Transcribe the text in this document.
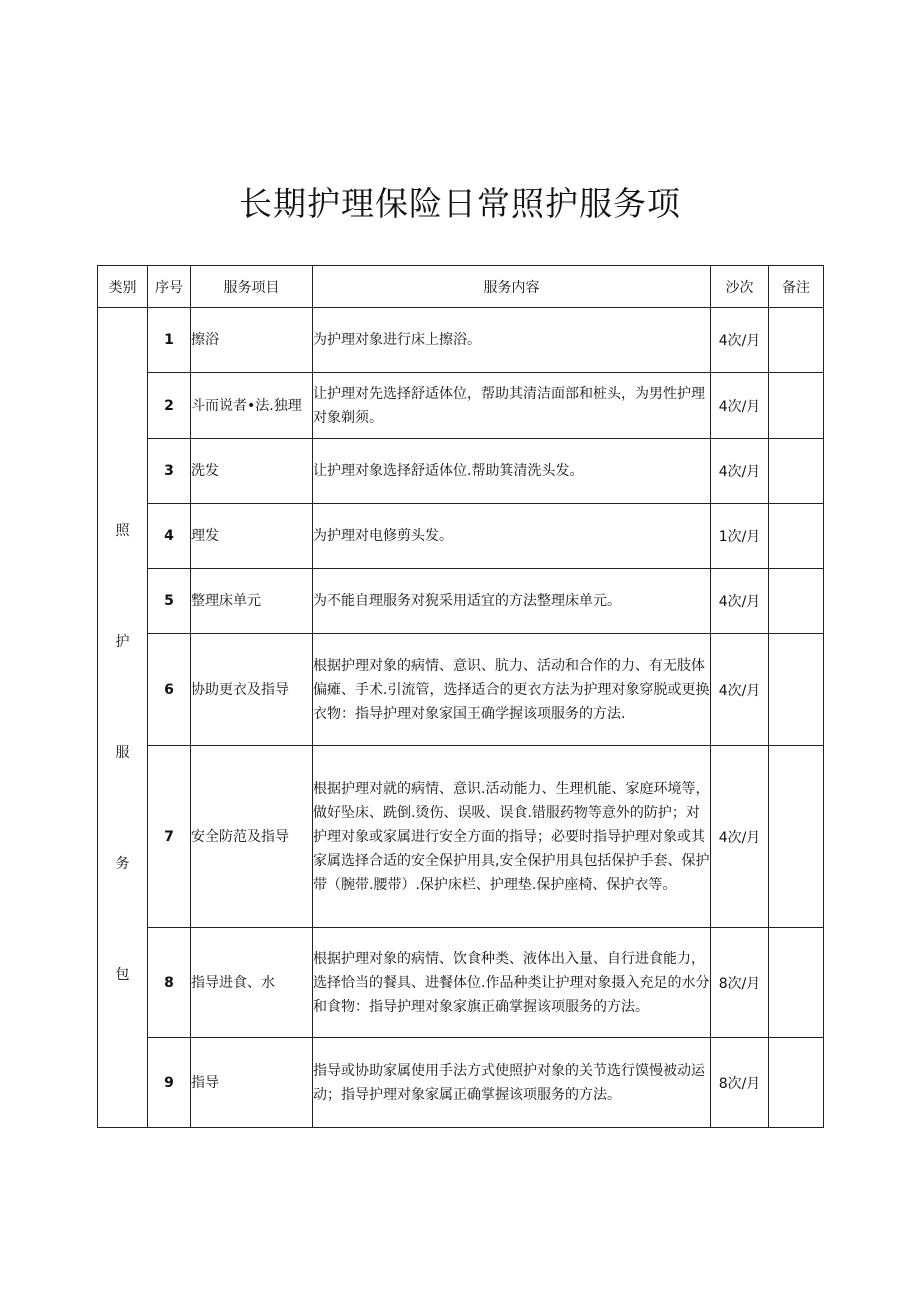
长期护理保险日常照护服务项
类别	序号	服务项目	服务内容	沙次	备注

照
护
服
务
包	1	擦浴	为护理对象进行床上擦浴。	4次/月	
	2	斗而说者•法.独理	让护理对先选择舒适体位，帮助其清洁面部和桩头，为男性护理对象剃须。	4次/月	
	3	洗发	让护理对象选择舒适体位.帮助箕清洗头发。	4次/月	
	4	理发	为护理对电修剪头发。	1次/月	
	5	整理床单元	为不能自理服务对猊采用适宜的方法整理床单元。	4次/月	
	6	协助更衣及指导	根据护理对象的病情、意识、肮力、活动和合作的力、有无肢体偏瘫、手术.引流管，选择适合的更衣方法为护理对象穿脱或更换衣物：指导护理对象家国王确学握该项服务的方法.	4次/月	
	7	安全防范及指导	根据护理对就的病情、意识.活动能力、生理机能、家庭环境等，做好坠床、跣倒.烫伤、误吸、误食.错服药物等意外的防护；对护理对象或家属进行安全方面的指导；必要时指导护理对象或其家属选择合适的安全保护用具,安全保护用具包括保护手套、保护带（腕带.腰带）.保护床栏、护理垫.保护座椅、保护衣等。	4次/月	
	8	指导进食、水	根据护理对象的病情、饮食种类、液体出入量、自行进食能力，选择恰当的餐具、进餐体位.作品种类让护理对象摄入充足的水分和食物：指导护理对象家旗正确掌握该项服务的方法。	8次/月	
	9	指导	指导或协助家属使用手法方式使照护对象的关节选行馍慢被动运动；指导护理对象家属正确掌握该项服务的方法。	8次/月	
